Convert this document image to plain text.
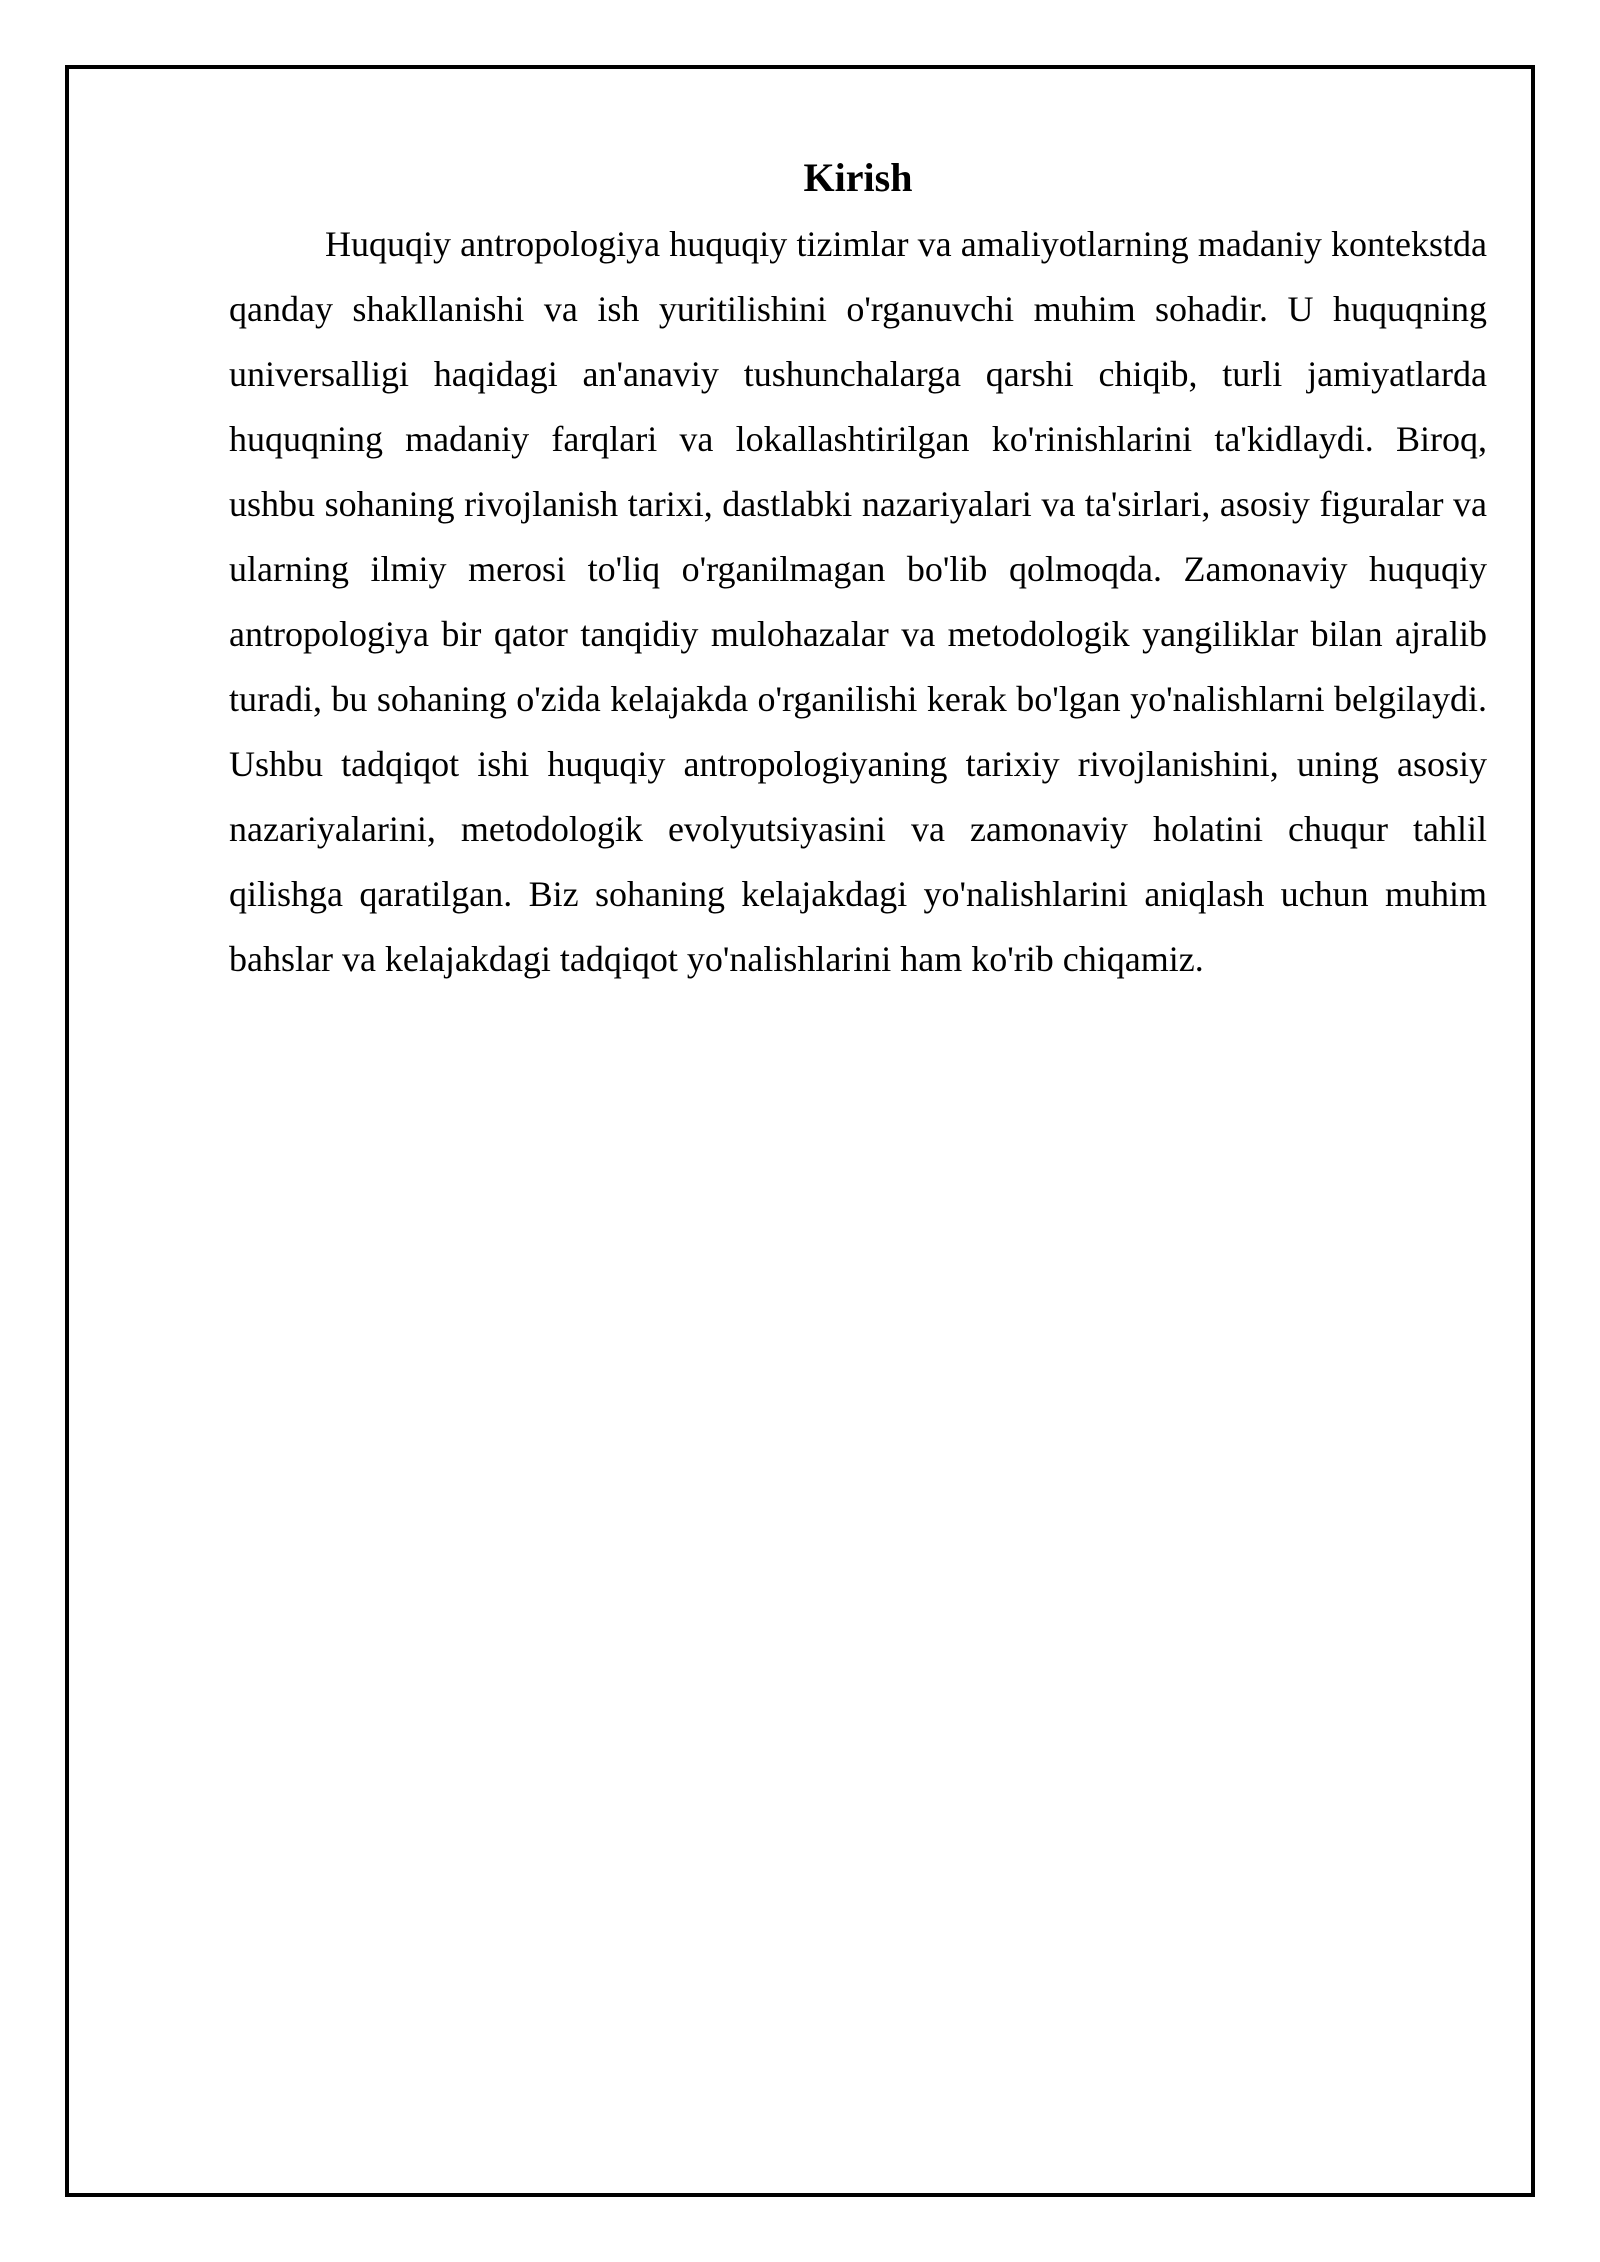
Kirish

Huquqiy antropologiya huquqiy tizimlar va amaliyotlarning madaniy kontekstda qanday shakllanishi va ish yuritilishini o'rganuvchi muhim sohadir. U huquqning universalligi haqidagi an'anaviy tushunchalarga qarshi chiqib, turli jamiyatlarda huquqning madaniy farqlari va lokallashtirilgan ko'rinishlarini ta'kidlaydi. Biroq, ushbu sohaning rivojlanish tarixi, dastlabki nazariyalari va ta'sirlari, asosiy figuralar va ularning ilmiy merosi to'liq o'rganilmagan bo'lib qolmoqda. Zamonaviy huquqiy antropologiya bir qator tanqidiy mulohazalar va metodologik yangiliklar bilan ajralib turadi, bu sohaning o'zida kelajakda o'rganilishi kerak bo'lgan yo'nalishlarni belgilaydi. Ushbu tadqiqot ishi huquqiy antropologiyaning tarixiy rivojlanishini, uning asosiy nazariyalarini, metodologik evolyutsiyasini va zamonaviy holatini chuqur tahlil qilishga qaratilgan. Biz sohaning kelajakdagi yo'nalishlarini aniqlash uchun muhim bahslar va kelajakdagi tadqiqot yo'nalishlarini ham ko'rib chiqamiz.
